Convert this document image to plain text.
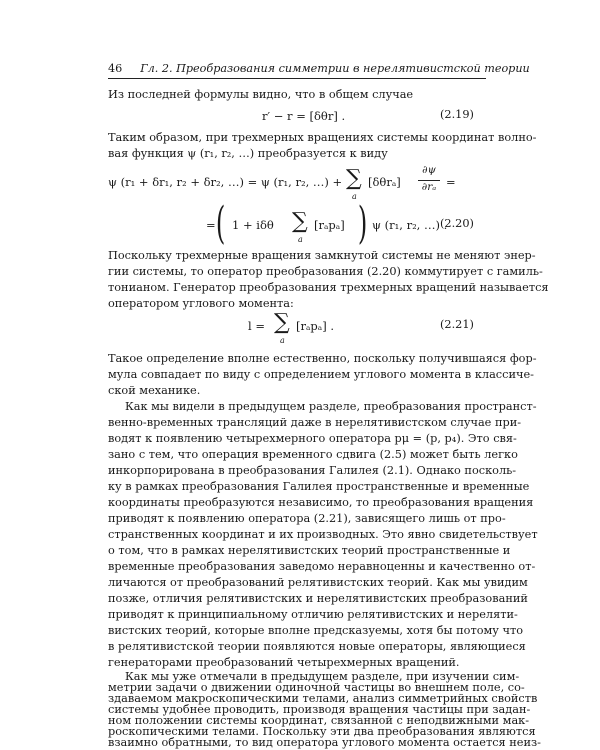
46 Гл. 2. Преобразования симметрии в нерелятивистской теории
Из последней формулы видно, что в общем случае
r′ − r = [δθr] .	(2.19)
Таким образом, при трехмерных вращениях системы координат волно-
вая функция ψ (r₁, r₂, …) преобразуется к виду
ψ (r₁ + δr₁, r₂ + δr₂, …) = ψ (r₁, r₂, …) + ∑
a
[δθrₐ]
∂ψ
∂rₐ =
= ( 1 + iδθ ∑
a
[rₐpₐ] ) ψ (r₁, r₂, …) .
(2.20)
Поскольку трехмерные вращения замкнутой системы не меняют энер-
гии системы, то оператор преобразования (2.20) коммутирует с гамиль-
тонианом. Генератор преобразования трехмерных вращений называется
оператором углового момента:
l = ∑
a
[rₐpₐ] .	(2.21)
Такое определение вполне естественно, поскольку получившаяся фор-
мула совпадает по виду с определением углового момента в классиче-
ской механике.
Как мы видели в предыдущем разделе, преобразования пространст-
венно-временных трансляций даже в нерелятивистском случае при-
водят к появлению четырехмерного оператора pμ = (p, p₄). Это свя-
зано с тем, что операция временного сдвига (2.5) может быть легко
инкорпорирована в преобразования Галилея (2.1). Однако посколь-
ку в рамках преобразования Галилея пространственные и временные
координаты преобразуются независимо, то преобразования вращения
приводят к появлению оператора (2.21), зависящего лишь от про-
странственных координат и их производных. Это явно свидетельствует
о том, что в рамках нерелятивистских теорий пространственные и
временные преобразования заведомо неравноценны и качественно от-
личаются от преобразований релятивистских теорий. Как мы увидим
позже, отличия релятивистских и нерелятивистских преобразований
приводят к принципиальному отличию релятивистских и нереляти-
вистских теорий, которые вполне предсказуемы, хотя бы потому что
в релятивистской теории появляются новые операторы, являющиеся
генераторами преобразований четырехмерных вращений.
Как мы уже отмечали в предыдущем разделе, при изучении сим-
метрии задачи о движении одиночной частицы во внешнем поле, со-
здаваемом макроскопическими телами, анализ симметрийных свойств
системы удобнее проводить, производя вращения частицы при задан-
ном положении системы координат, связанной с неподвижными мак-
роскопическими телами. Поскольку эти два преобразования являются
взаимно обратными, то вид оператора углового момента остается неиз-
